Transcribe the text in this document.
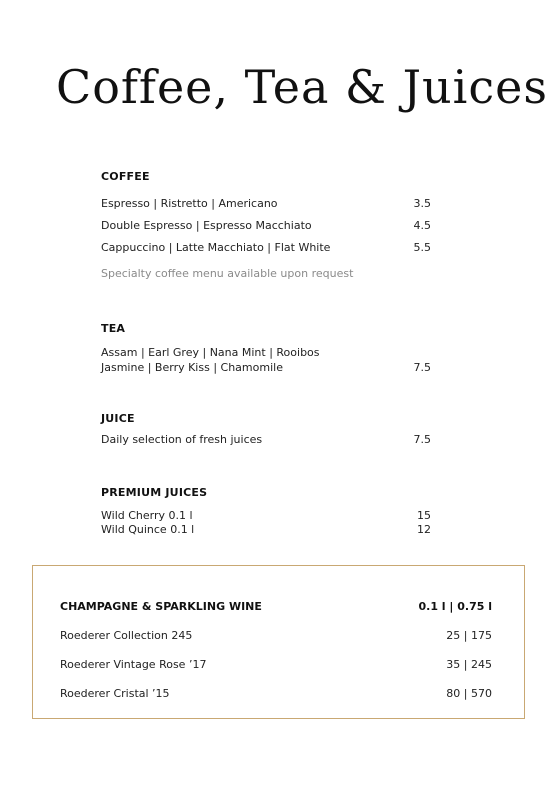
Coffee, Tea & Juices
COFFEE
Espresso | Ristretto | Americano	3.5
Double Espresso | Espresso Macchiato	4.5
Cappuccino | Latte Macchiato | Flat White	5.5
Specialty coffee menu available upon request
TEA
Assam | Earl Grey | Nana Mint | Rooibos
Jasmine | Berry Kiss | Chamomile	7.5
JUICE
Daily selection of fresh juices	7.5
PREMIUM JUICES
Wild Cherry 0.1 l	15
Wild Quince 0.1 l	12
CHAMPAGNE & SPARKLING WINE	0.1 l | 0.75 l
Roederer Collection 245	25 | 175
Roederer Vintage Rose ’17	35 | 245
Roederer Cristal ’15	80 | 570
